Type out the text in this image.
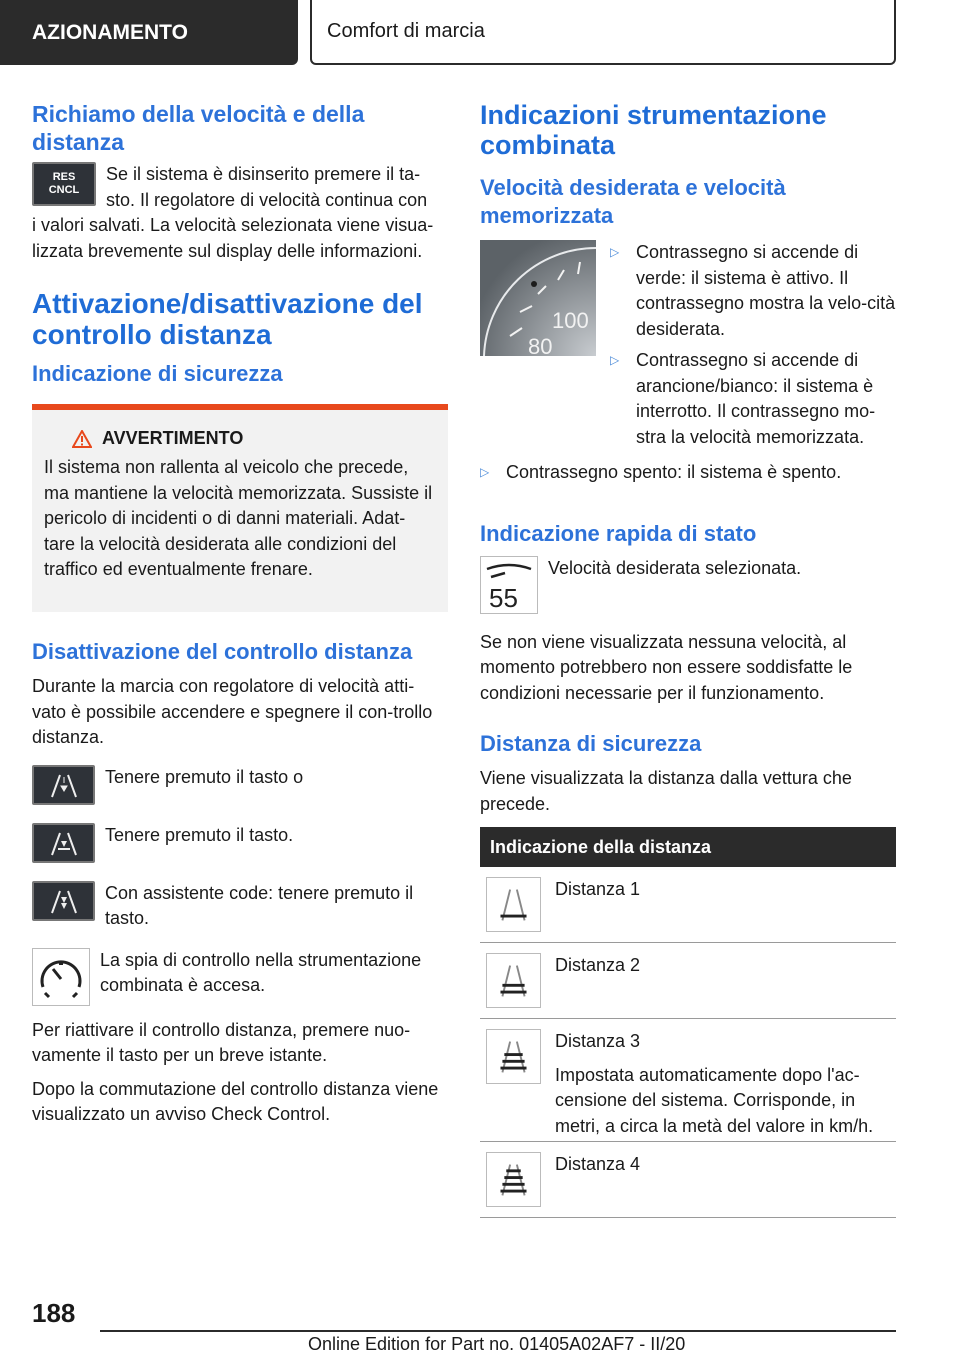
AZIONAMENTO	Comfort di marcia
Richiamo della velocità e della distanza
RES
CNCL
Se il sistema è disinserito premere il ta-
sto. Il regolatore di velocità continua con

i valori salvati. La velocità selezionata viene visua-lizzata brevemente sul display delle informazioni.

Attivazione/disattivazione del controllo distanza
Indicazione di sicurezza
AVVERTIMENTO

Il sistema non rallenta al veicolo che precede, ma mantiene la velocità memorizzata. Sussiste il pericolo di incidenti o di danni materiali. Adat-tare la velocità desiderata alle condizioni del traffico ed eventualmente frenare.

Disattivazione del controllo distanza

Durante la marcia con regolatore di velocità atti-vato è possibile accendere e spegnere il con-trollo distanza.

Tenere premuto il tasto o
Tenere premuto il tasto.
Con assistente code: tenere premuto il tasto.
La spia di controllo nella strumentazione combinata è accesa.

Per riattivare il controllo distanza, premere nuo-vamente il tasto per un breve istante.

Dopo la commutazione del controllo distanza viene visualizzato un avviso Check Control.

Indicazioni strumentazione combinata
Velocità desiderata e velocità memorizzata
100
80
▷ Contrassegno si accende di verde: il sistema è attivo. Il contrassegno mostra la velo-cità desiderata.
▷ Contrassegno si accende di arancione/bianco: il sistema è interrotto. Il contrassegno mo-stra la velocità memorizzata.
▷ Contrassegno spento: il sistema è spento.
Indicazione rapida di stato
55
Velocità desiderata selezionata.

Se non viene visualizzata nessuna velocità, al momento potrebbero non essere soddisfatte le condizioni necessarie per il funzionamento.

Distanza di sicurezza

Viene visualizzata la distanza dalla vettura che precede.

Indicazione della distanza
Distanza 1
Distanza 2
Distanza 3
Impostata automaticamente dopo l'ac-censione del sistema. Corrisponde, in metri, a circa la metà del valore in km/h.
Distanza 4
188
Online Edition for Part no. 01405A02AF7 - II/20
